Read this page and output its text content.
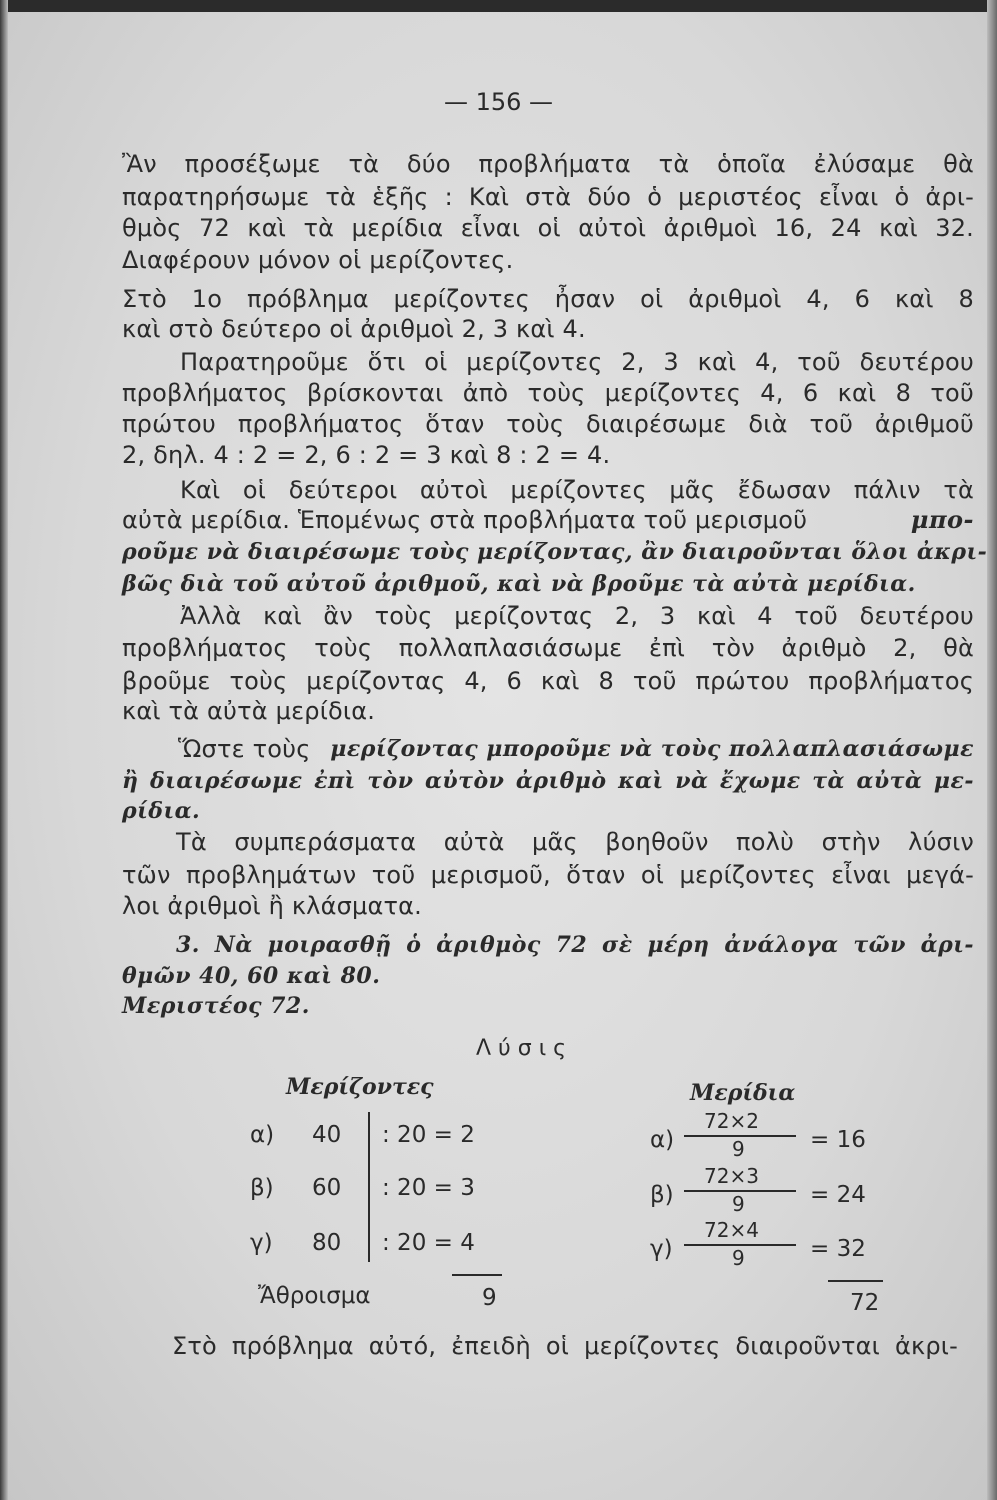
— 156 —
Ἂν προσέξωμε τὰ δύο προβλήματα τὰ ὁποῖα ἐλύσαμε θὰ
παρατηρήσωμε τὰ ἑξῆς : Καὶ στὰ δύο ὁ μεριστέος εἶναι ὁ ἀρι-
θμὸς 72 καὶ τὰ μερίδια εἶναι οἱ αὐτοὶ ἀριθμοὶ 16, 24 καὶ 32.
Διαφέρουν μόνον οἱ μερίζοντες.
Στὸ 1ο πρόβλημα μερίζοντες ἦσαν οἱ ἀριθμοὶ 4, 6 καὶ 8
καὶ στὸ δεύτερο οἱ ἀριθμοὶ 2, 3 καὶ 4.
Παρατηροῦμε ὅτι οἱ μερίζοντες 2, 3 καὶ 4, τοῦ δευτέρου
προβλήματος βρίσκονται ἀπὸ τοὺς μερίζοντες 4, 6 καὶ 8 τοῦ
πρώτου προβλήματος ὅταν τοὺς διαιρέσωμε διὰ τοῦ ἀριθμοῦ
2, δηλ. 4 : 2 = 2, 6 : 2 = 3 καὶ 8 : 2 = 4.
Καὶ οἱ δεύτεροι αὐτοὶ μερίζοντες μᾶς ἔδωσαν πάλιν τὰ
αὐτὰ μερίδια. Ἑπομένως στὰ προβλήματα τοῦ μερισμοῦ	μπο-
ροῦμε νὰ διαιρέσωμε τοὺς μερίζοντας, ἂν διαιροῦνται ὅλοι ἀκρι-
βῶς διὰ τοῦ αὐτοῦ ἀριθμοῦ, καὶ νὰ βροῦμε τὰ αὐτὰ μερίδια.
Ἀλλὰ καὶ ἂν τοὺς μερίζοντας 2, 3 καὶ 4 τοῦ δευτέρου
προβλήματος τοὺς πολλαπλασιάσωμε ἐπὶ τὸν ἀριθμὸ 2, θὰ
βροῦμε τοὺς μερίζοντας 4, 6 καὶ 8 τοῦ πρώτου προβλήματος
καὶ τὰ αὐτὰ μερίδια.
Ὥστε τοὺς μερίζοντας μποροῦμε νὰ τοὺς πολλαπλασιάσωμε
ἢ διαιρέσωμε ἐπὶ τὸν αὐτὸν ἀριθμὸ καὶ νὰ ἔχωμε τὰ αὐτὰ με-
ρίδια.
Τὰ συμπεράσματα αὐτὰ μᾶς βοηθοῦν πολὺ στὴν λύσιν
τῶν προβλημάτων τοῦ μερισμοῦ, ὅταν οἱ μερίζοντες εἶναι μεγά-
λοι ἀριθμοὶ ἢ κλάσματα.
3. Νὰ μοιρασθῇ ὁ ἀριθμὸς 72 σὲ μέρη ἀνάλογα τῶν ἀρι-
θμῶν 40, 60 καὶ 80.
Μεριστέος 72.
Λύσις
Μερίζοντες	Μερίδια
α) 40 : 20 = 2
β) 60 : 20 = 3
γ) 80 : 20 = 4
Ἄθροισμα	9
α)
72×2
9	= 16
β)
72×3
9	= 24
γ)
72×4
9	= 32
72
Στὸ πρόβλημα αὐτό, ἐπειδὴ οἱ μερίζοντες διαιροῦνται ἀκρι-
